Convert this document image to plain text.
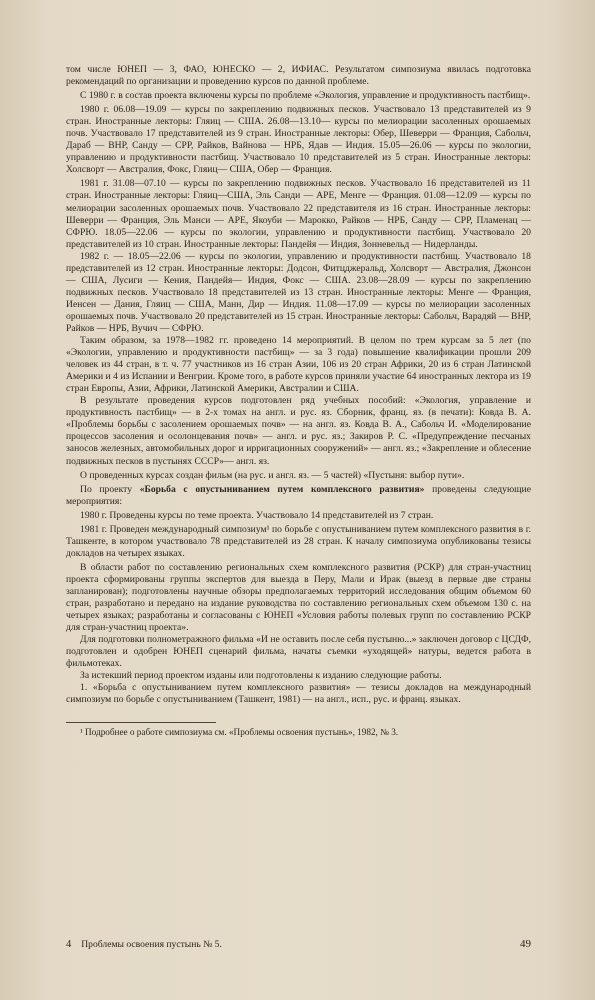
том числе ЮНЕП — 3, ФАО, ЮНЕСКО — 2, ИФИАС. Результатом симпозиума явилась подготовка рекомендаций по организации и проведению курсов по данной проблеме.

С 1980 г. в состав проекта включены курсы по проблеме «Экология, управление и продуктивность пастбищ».

1980 г. 06.08—19.09 — курсы по закреплению подвижных песков. Участвовало 13 представителей из 9 стран. Иностранные лекторы: Гляиц — США. 26.08—13.10— курсы по мелиорации засоленных орошаемых почв. Участвовало 17 представителей из 9 стран. Иностранные лекторы: Обер, Шеверри — Франция, Сабольч, Дараб — ВНР, Санду — СРР, Райков, Вайнова — НРБ, Ядав — Индия. 15.05—26.06 — курсы по экологии, управлению и продуктивности пастбищ. Участвовало 10 представителей из 5 стран. Иностранные лекторы: Холсворт — Австралия, Фокс, Гляиц— США, Обер — Франция.

1981 г. 31.08—07.10 — курсы по закреплению подвижных песков. Участвовало 16 представителей из 11 стран. Иностранные лекторы: Гляиц—США, Эль Санди — АРЕ, Менге — Франция. 01.08—12.09 — курсы по мелиорации засоленных орошаемых почв. Участвовало 22 представителя из 16 стран. Иностранные лекторы: Шеверри — Франция, Эль Манси — АРЕ, Якоуби — Марокко, Райков — НРБ, Санду — СРР, Пламенац — СФРЮ. 18.05—22.06 — курсы по экологии, управлению и продуктивности пастбищ. Участвовало 20 представителей из 10 стран. Иностранные лекторы: Пандейя — Индия, Зонневельд — Нидерланды.

1982 г. — 18.05—22.06 — курсы по экологии, управлению и продуктивности пастбищ. Участвовало 18 представителей из 12 стран. Иностранные лекторы: Додсон, Фитцджеральд, Холсворт — Австралия, Джонсон — США, Лусиги — Кения, Пандейя— Индия, Фокс — США. 23.08—28.09 — курсы по закреплению подвижных песков. Участвовало 18 представителей из 13 стран. Иностранные лекторы: Менге — Франция, Иенсен — Дания, Гляиц — США, Манн, Дир — Индия. 11.08—17.09 — курсы по мелиорации засоленных орошаемых почв. Участвовало 20 представителей из 15 стран. Иностранные лекторы: Сабольч, Варадяй — ВНР, Райков — НРБ, Вучич — СФРЮ.

Таким образом, за 1978—1982 гг. проведено 14 мероприятий. В целом по трем курсам за 5 лет (по «Экологии, управлению и продуктивности пастбищ» — за 3 года) повышение квалификации прошли 209 человек из 44 стран, в т. ч. 77 участников из 16 стран Азии, 106 из 20 стран Африки, 20 из 6 стран Латинской Америки и 4 из Испании и Венгрии. Кроме того, в работе курсов приняли участие 64 иностранных лектора из 19 стран Европы, Азии, Африки, Латинской Америки, Австралии и США.

В результате проведения курсов подготовлен ряд учебных пособий: «Экология, управление и продуктивность пастбищ» — в 2-х томах на англ. и рус. яз. Сборник, франц. яз. (в печати): Ковда В. А. «Проблемы борьбы с засолением орошаемых почв» — на англ. яз. Ковда В. А., Сабольч И. «Моделирование процессов засоления и осолонцевания почв» — англ. и рус. яз.; Закиров Р. С. «Предупреждение песчаных заносов железных, автомобильных дорог и ирригационных сооружений» — англ. яз.; «Закрепление и облесение подвижных песков в пустынях СССР»— англ. яз.

О проведенных курсах создан фильм (на рус. и англ. яз. — 5 частей) «Пустыня: выбор пути».

По проекту «Борьба с опустыниванием путем комплексного развития» проведены следующие мероприятия:

1980 г. Проведены курсы по теме проекта. Участвовало 14 представителей из 7 стран.

1981 г. Проведен международный симпозиум¹ по борьбе с опустыниванием путем комплексного развития в г. Ташкенте, в котором участвовало 78 представителей из 28 стран. К началу симпозиума опубликованы тезисы докладов на четырех языках.

В области работ по составлению региональных схем комплексного развития (РСКР) для стран-участниц проекта сформированы группы экспертов для выезда в Перу, Мали и Ирак (выезд в первые две страны запланирован); подготовлены научные обзоры предполагаемых территорий исследования общим объемом 60 стран, разработано и передано на издание руководства по составлению региональных схем объемом 130 с. на четырех языках; разработаны и согласованы с ЮНЕП «Условия работы полевых групп по составлению РСКР для стран-участниц проекта».

Для подготовки полнометражного фильма «И не оставить после себя пустыню...» заключен договор с ЦСДФ, подготовлен и одобрен ЮНЕП сценарий фильма, начаты съемки «уходящей» натуры, ведется работа в фильмотеках.

За истекший период проектом изданы или подготовлены к изданию следующие работы.

1. «Борьба с опустыниванием путем комплексного развития» — тезисы докладов на международный симпозиум по борьбе с опустыниванием (Ташкент, 1981) — на англ., исп., рус. и франц. языках.

¹ Подробнее о работе симпозиума см. «Проблемы освоения пустынь», 1982, № 3.
4 Проблемы освоения пустынь № 5.	49
